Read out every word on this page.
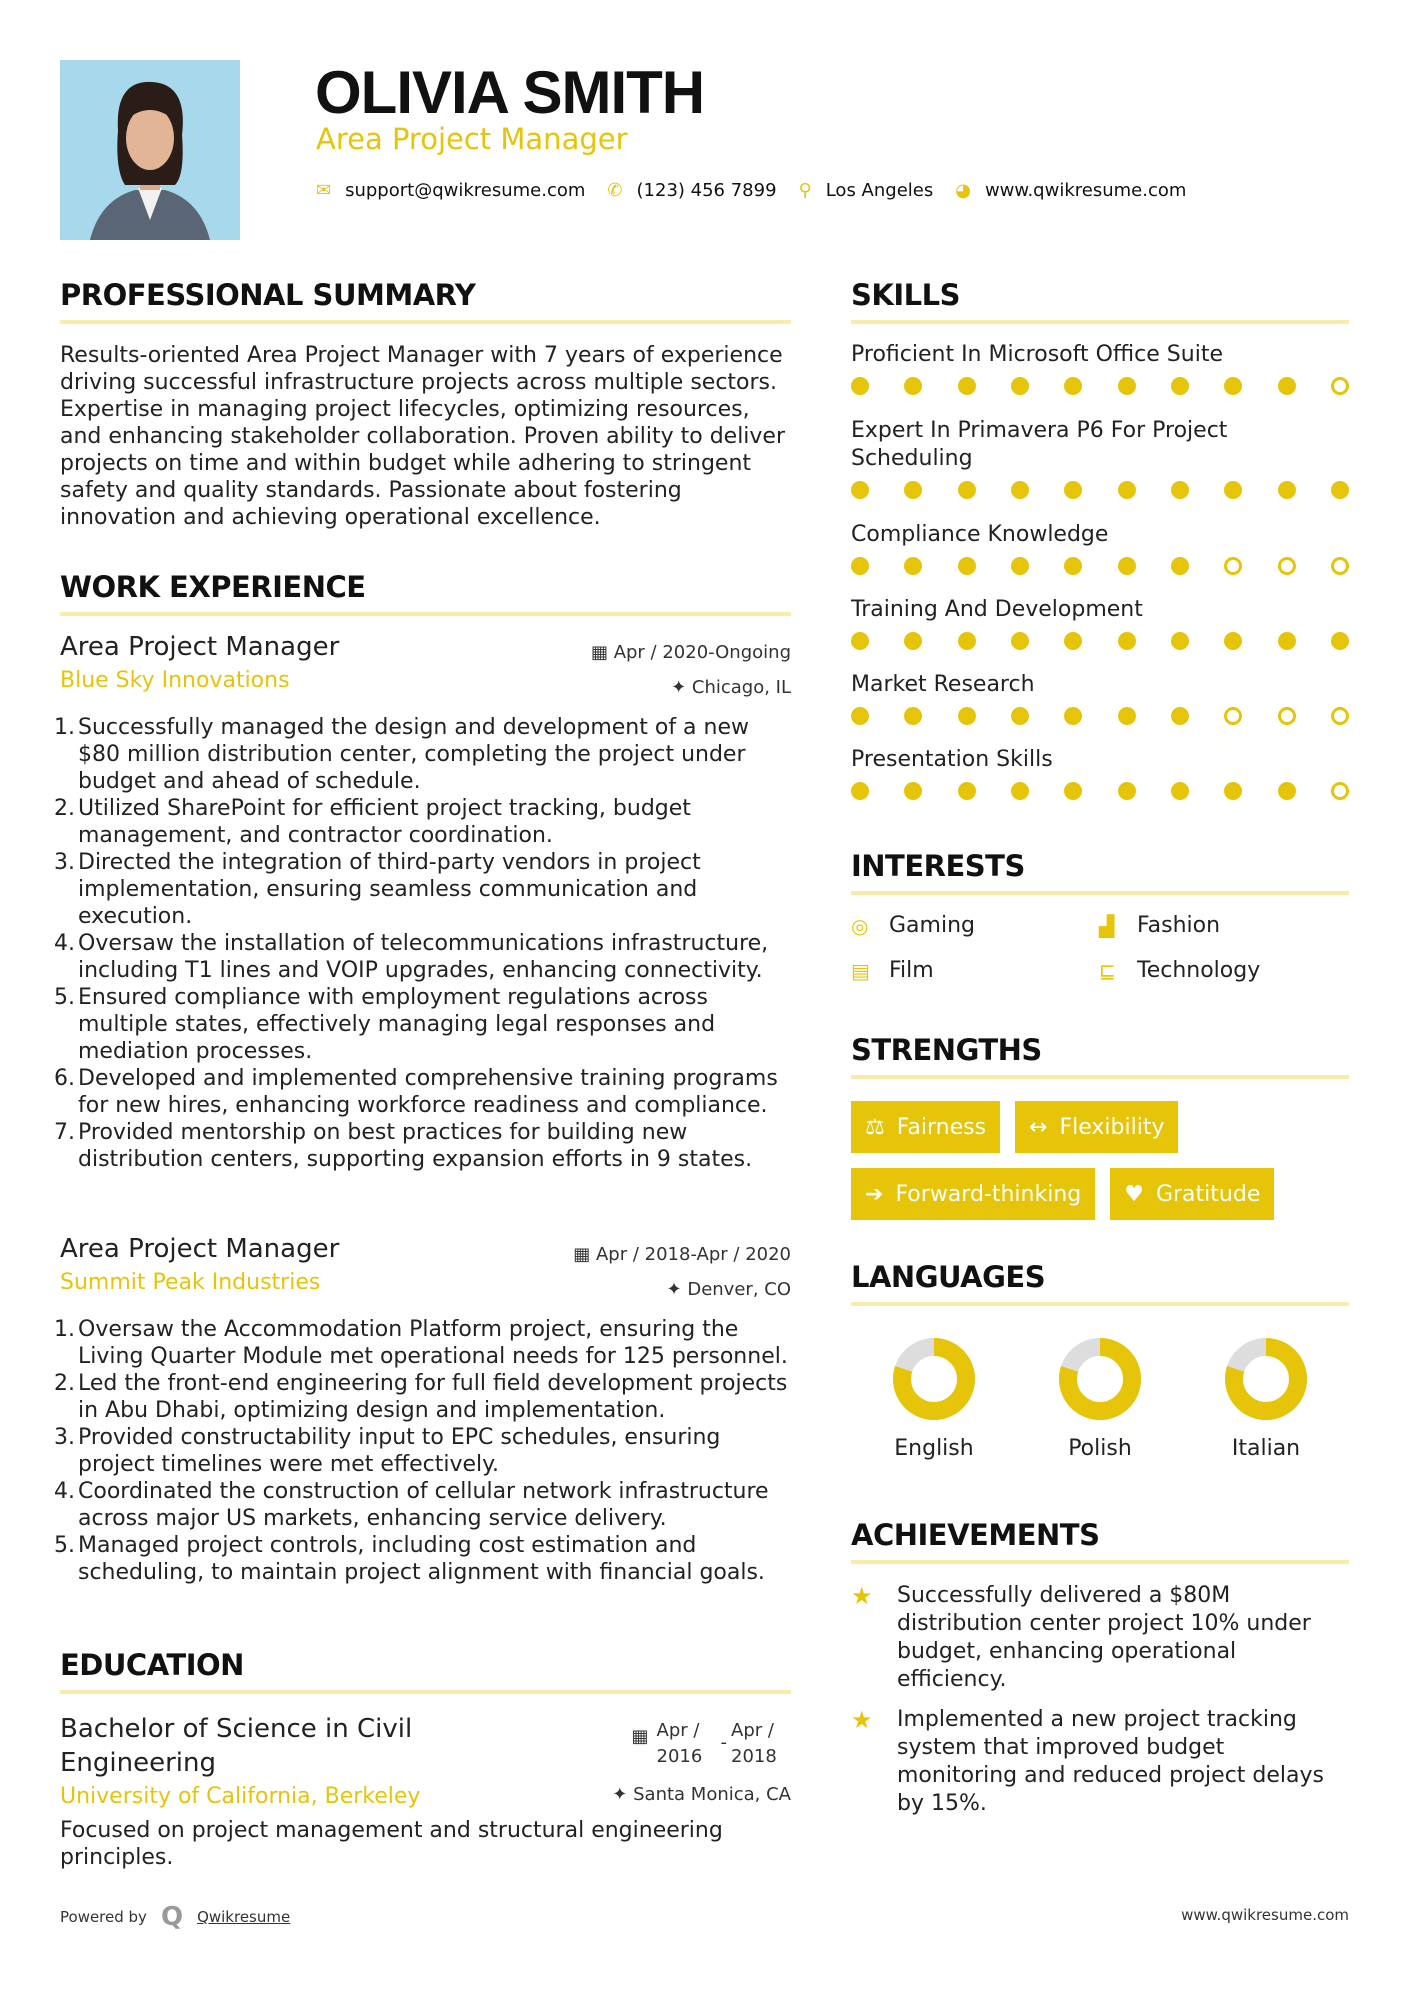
OLIVIA SMITH
Area Project Manager
✉ support@qwikresume.com ✆ (123) 456 7899 ⚲ Los Angeles ◕ www.qwikresume.com
PROFESSIONAL SUMMARY

Results-oriented Area Project Manager with 7 years of experience driving successful infrastructure projects across multiple sectors. Expertise in managing project lifecycles, optimizing resources, and enhancing stakeholder collaboration. Proven ability to deliver projects on time and within budget while adhering to stringent safety and quality standards. Passionate about fostering innovation and achieving operational excellence.

WORK EXPERIENCE
Area Project Manager
Blue Sky Innovations
▦ Apr / 2020-Ongoing
✦ Chicago, IL
1. Successfully managed the design and development of a new $80 million distribution center, completing the project under budget and ahead of schedule.
2. Utilized SharePoint for efficient project tracking, budget management, and contractor coordination.
3. Directed the integration of third-party vendors in project implementation, ensuring seamless communication and execution.
4. Oversaw the installation of telecommunications infrastructure, including T1 lines and VOIP upgrades, enhancing connectivity.
5. Ensured compliance with employment regulations across multiple states, effectively managing legal responses and mediation processes.
6. Developed and implemented comprehensive training programs for new hires, enhancing workforce readiness and compliance.
7. Provided mentorship on best practices for building new distribution centers, supporting expansion efforts in 9 states.
Area Project Manager
Summit Peak Industries
▦ Apr / 2018-Apr / 2020
✦ Denver, CO
1. Oversaw the Accommodation Platform project, ensuring the Living Quarter Module met operational needs for 125 personnel.
2. Led the front-end engineering for full field development projects in Abu Dhabi, optimizing design and implementation.
3. Provided constructability input to EPC schedules, ensuring project timelines were met effectively.
4. Coordinated the construction of cellular network infrastructure across major US markets, enhancing service delivery.
5. Managed project controls, including cost estimation and scheduling, to maintain project alignment with financial goals.
EDUCATION
Bachelor of Science in Civil Engineering
▦ Apr / 2016
-
Apr / 2018
University of California, Berkeley	✦ Santa Monica, CA

Focused on project management and structural engineering principles.

SKILLS
Proficient In Microsoft Office Suite
Expert In Primavera P6 For Project Scheduling
Compliance Knowledge
Training And Development
Market Research
Presentation Skills
INTERESTS
◎ Gaming	▟	Fashion
▤ Film	⊑ Technology
STRENGTHS
⚖ Fairness ↔ Flexibility
➔ Forward-thinking ♥ Gratitude
LANGUAGES
English	Polish	Italian
ACHIEVEMENTS
★	Successfully delivered a $80M distribution center project 10% under budget, enhancing operational efficiency.
★	Implemented a new project tracking system that improved budget monitoring and reduced project delays by 15%.
Powered by Q Qwikresume	www.qwikresume.com
